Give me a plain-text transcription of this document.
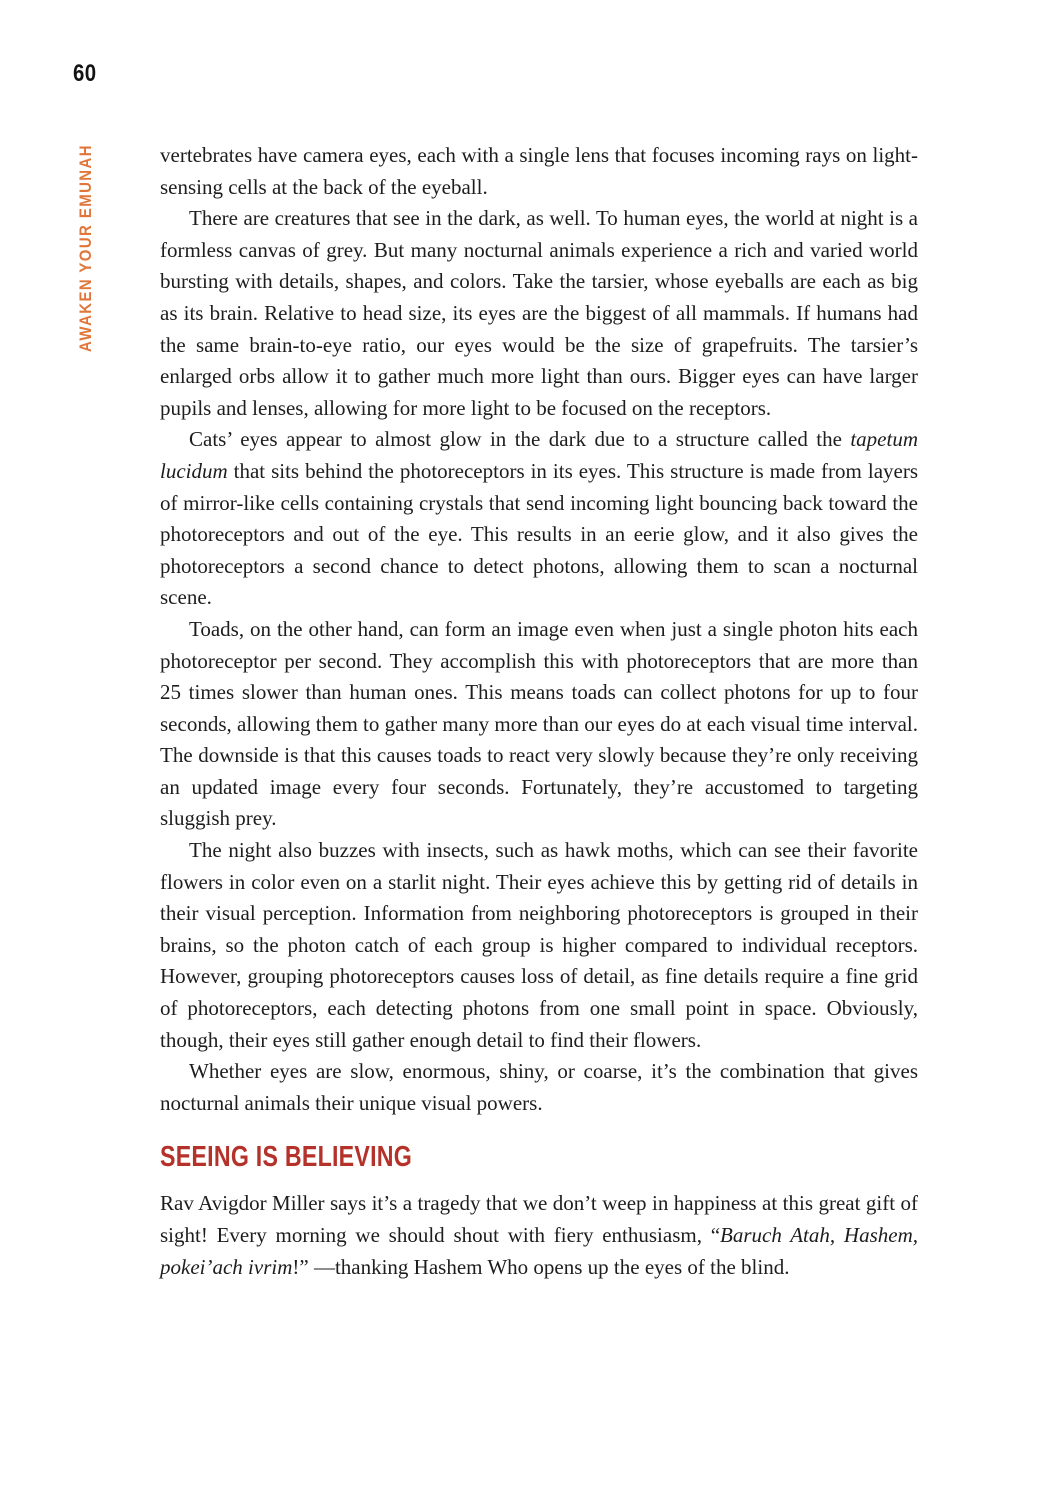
60
AWAKEN YOUR EMUNAH	vertebrates have camera eyes, each with a single lens that focuses incoming rays on light-sensing cells at the back of the eyeball.

There are creatures that see in the dark, as well. To human eyes, the world at night is a formless canvas of grey. But many nocturnal animals experience a rich and varied world bursting with details, shapes, and colors. Take the tarsier, whose eyeballs are each as big as its brain. Relative to head size, its eyes are the biggest of all mammals. If humans had the same brain-to-eye ratio, our eyes would be the size of grapefruits. The tarsier’s enlarged orbs allow it to gather much more light than ours. Bigger eyes can have larger pupils and lenses, allowing for more light to be focused on the receptors.

Cats’ eyes appear to almost glow in the dark due to a structure called the tapetum lucidum that sits behind the photoreceptors in its eyes. This structure is made from layers of mirror-like cells containing crystals that send incoming light bouncing back toward the photoreceptors and out of the eye. This results in an eerie glow, and it also gives the photoreceptors a second chance to detect photons, allowing them to scan a nocturnal scene.

Toads, on the other hand, can form an image even when just a single photon hits each photoreceptor per second. They accomplish this with photoreceptors that are more than 25 times slower than human ones. This means toads can collect photons for up to four seconds, allowing them to gather many more than our eyes do at each visual time interval. The downside is that this causes toads to react very slowly because they’re only receiving an updated image every four seconds. Fortunately, they’re accustomed to targeting sluggish prey.

The night also buzzes with insects, such as hawk moths, which can see their favorite flowers in color even on a starlit night. Their eyes achieve this by getting rid of details in their visual perception. Information from neighboring photoreceptors is grouped in their brains, so the photon catch of each group is higher compared to individual receptors. However, grouping photoreceptors causes loss of detail, as fine details require a fine grid of photoreceptors, each detecting photons from one small point in space. Obviously, though, their eyes still gather enough detail to find their flowers.

Whether eyes are slow, enormous, shiny, or coarse, it’s the combination that gives nocturnal animals their unique visual powers.

SEEING IS BELIEVING

Rav Avigdor Miller says it’s a tragedy that we don’t weep in happiness at this great gift of sight! Every morning we should shout with fiery enthusiasm, “Baruch Atah, Hashem, pokei’ach ivrim!” —thanking Hashem Who opens up the eyes of the blind.
